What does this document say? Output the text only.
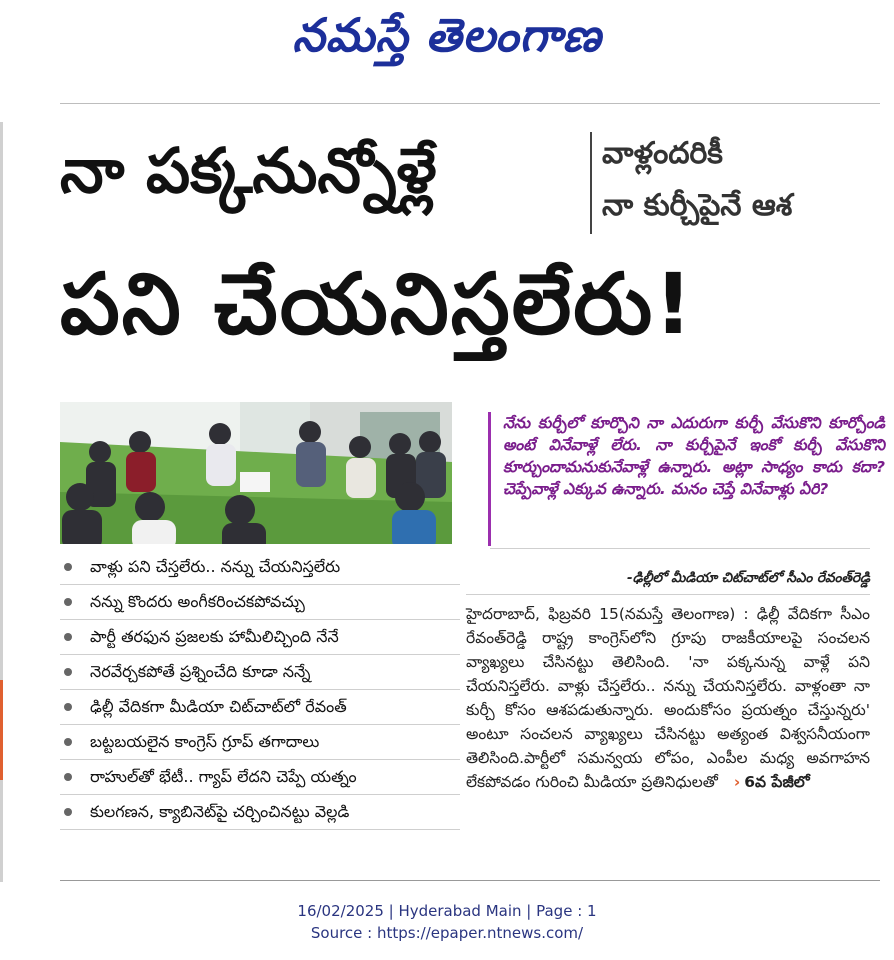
నమస్తే తెలంగాణ
నా పక్కనున్నోళ్లే	వాళ్లందరికీ
నా కుర్చీపైనే ఆశ
పని చేయనిస్తలేరు!
వాళ్లు పని చేస్తలేరు.. నన్ను చేయనిస్తలేరు
నన్ను కొందరు అంగీకరించకపోవచ్చు
పార్టీ తరఫున ప్రజలకు హామీలిచ్చింది నేనే
నెరవేర్చకపోతే ప్రశ్నించేది కూడా నన్నే
ఢిల్లీ వేదికగా మీడియా చిట్‌చాట్‌లో రేవంత్
బట్టబయలైన కాంగ్రెస్ గ్రూప్ తగాదాలు
రాహుల్‌తో భేటీ.. గ్యాప్ లేదని చెప్పే యత్నం
కులగణన, క్యాబినెట్‌పై చర్చించినట్టు వెల్లడి

నేను కుర్చీలో కూర్చొని నా ఎదురుగా కుర్చీ వేసుకొని కూర్చోండి అంటే వినేవాళ్లే లేరు. నా కుర్చీపైనే ఇంకో కుర్చీ వేసుకొని కూర్చుందామనుకునేవాళ్లే ఉన్నారు. అట్లా సాధ్యం కాదు కదా? చెప్పేవాళ్లే ఎక్కువ ఉన్నారు. మనం చెప్తే వినేవాళ్లు ఏరి?

-ఢిల్లీలో మీడియా చిట్‌చాట్‌లో సీఎం రేవంత్‌రెడ్డి

హైదరాబాద్, ఫిబ్రవరి 15(నమస్తే తెలంగాణ) : ఢిల్లీ వేదికగా సీఎం రేవంత్‌రెడ్డి రాష్ట్ర కాంగ్రెస్‌లోని గ్రూపు రాజకీయాలపై సంచలన వ్యాఖ్యలు చేసినట్టు తెలిసింది. 'నా పక్కనున్న వాళ్లే పని చేయనిస్తలేరు. వాళ్లు చేస్తలేరు.. నన్ను చేయనిస్తలేరు. వాళ్లంతా నా కుర్చీ కోసం ఆశపడుతున్నారు. అందుకోసం ప్రయత్నం చేస్తున్నరు' అంటూ సంచలన వ్యాఖ్యలు చేసినట్టు అత్యంత విశ్వసనీయంగా తెలిసింది.పార్టీలో సమన్వయ లోపం, ఎంపీల మధ్య అవగాహన లేకపోవడం గురించి మీడియా ప్రతినిధులతో › 6వ పేజీలో

16/02/2025 | Hyderabad Main | Page : 1
Source : https://epaper.ntnews.com/
